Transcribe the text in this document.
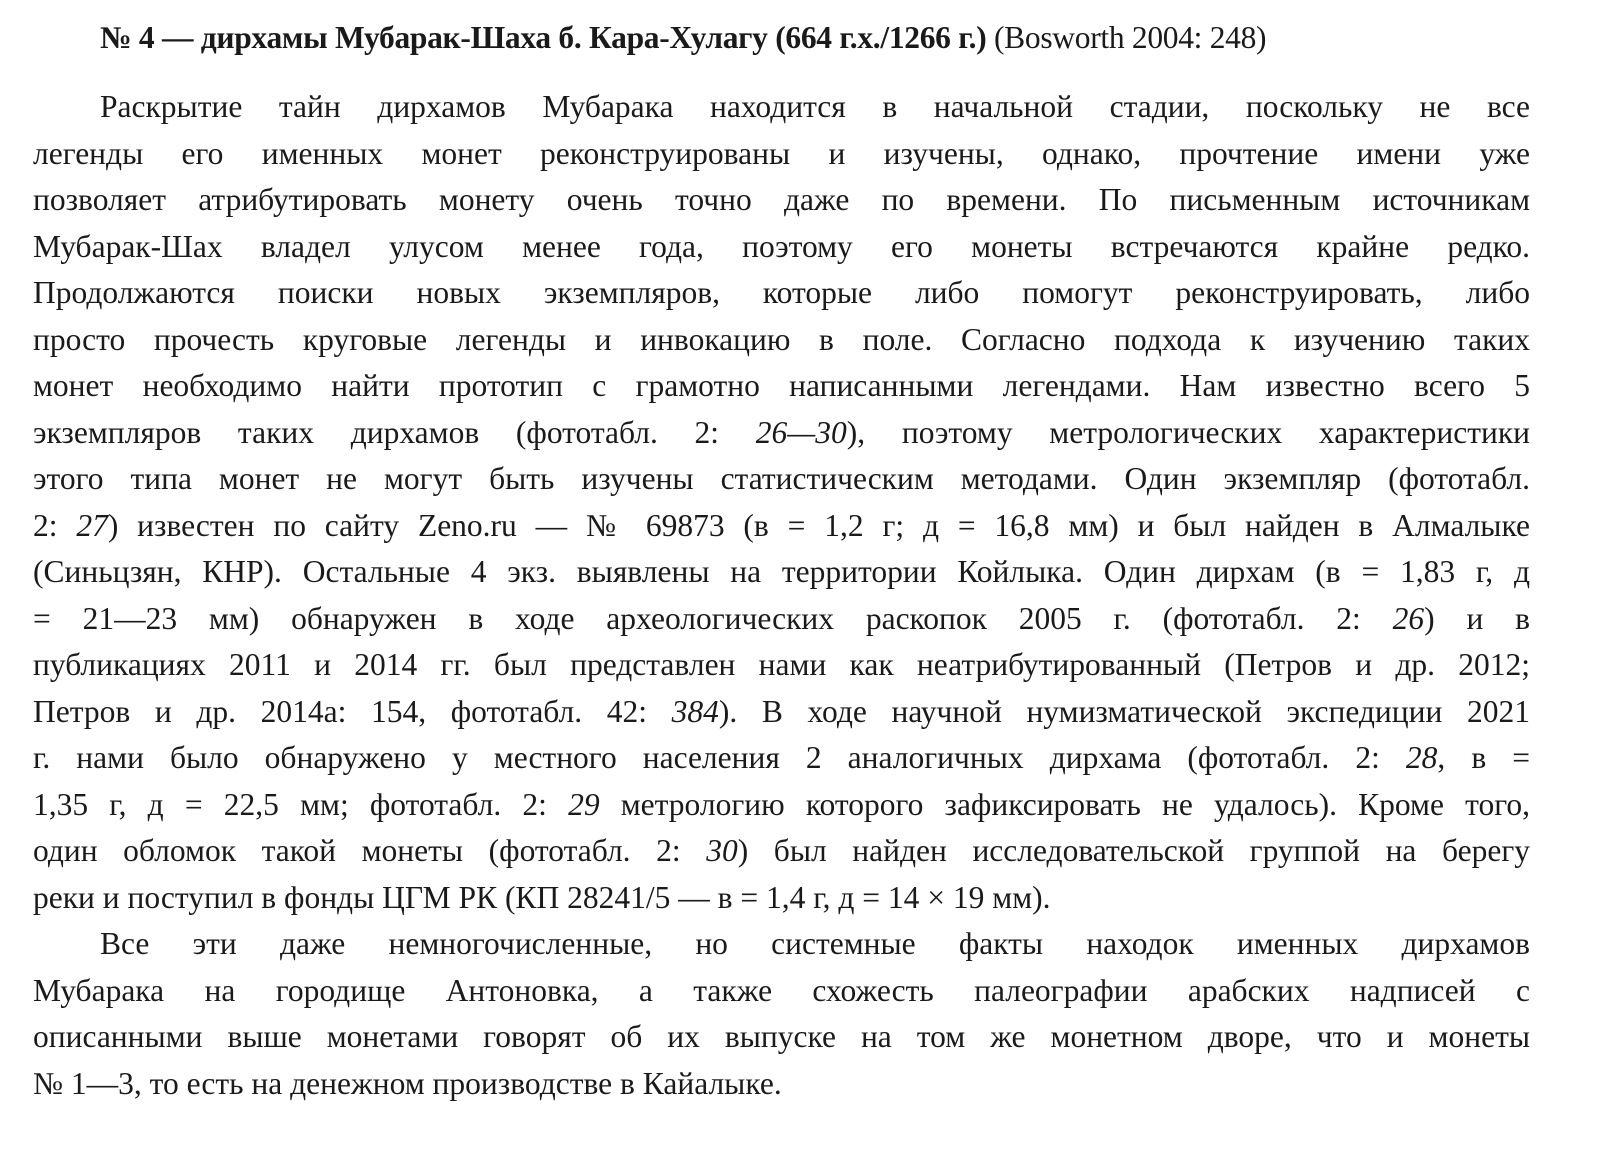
№ 4 — дирхамы Мубарак-Шаха б. Кара-Хулагу (664 г.х./1266 г.) (Bosworth 2004: 248)
Раскрытие тайн дирхамов Мубарака находится в начальной стадии, поскольку не все
легенды его именных монет реконструированы и изучены, однако, прочтение имени уже
позволяет атрибутировать монету очень точно даже по времени. По письменным источникам
Мубарак-Шах владел улусом менее года, поэтому его монеты встречаются крайне редко.
Продолжаются поиски новых экземпляров, которые либо помогут реконструировать, либо
просто прочесть круговые легенды и инвокацию в поле. Согласно подхода к изучению таких
монет необходимо найти прототип с грамотно написанными легендами. Нам известно всего 5
экземпляров таких дирхамов (фототабл. 2: 26—30), поэтому метрологических характеристики
этого типа монет не могут быть изучены статистическим методами. Один экземпляр (фототабл.
2: 27) известен по сайту Zeno.ru — № 69873 (в = 1,2 г; д = 16,8 мм) и был найден в Алмалыке
(Синьцзян, КНР). Остальные 4 экз. выявлены на территории Койлыка. Один дирхам (в = 1,83 г, д
= 21—23 мм) обнаружен в ходе археологических раскопок 2005 г. (фототабл. 2: 26) и в
публикациях 2011 и 2014 гг. был представлен нами как неатрибутированный (Петров и др. 2012;
Петров и др. 2014а: 154, фототабл. 42: 384). В ходе научной нумизматической экспедиции 2021
г. нами было обнаружено у местного населения 2 аналогичных дирхама (фототабл. 2: 28, в =
1,35 г, д = 22,5 мм; фототабл. 2: 29 метрологию которого зафиксировать не удалось). Кроме того,
один обломок такой монеты (фототабл. 2: 30) был найден исследовательской группой на берегу
реки и поступил в фонды ЦГМ РК (КП 28241/5 — в = 1,4 г, д = 14 × 19 мм).
Все эти даже немногочисленные, но системные факты находок именных дирхамов
Мубарака на городище Антоновка, а также схожесть палеографии арабских надписей с
описанными выше монетами говорят об их выпуске на том же монетном дворе, что и монеты
№ 1—3, то есть на денежном производстве в Кайалыке.
